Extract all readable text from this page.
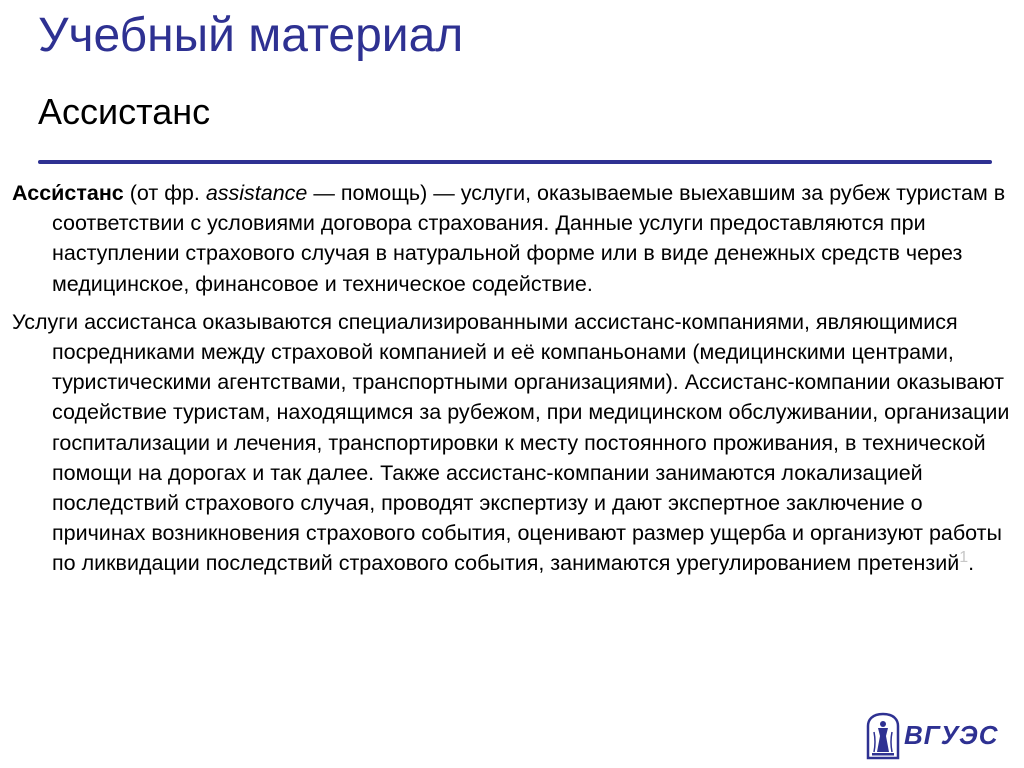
Учебный материал
Ассистанс

Асси́станс (от фр. assistance — помощь) — услуги, оказываемые выехавшим за рубеж туристам в соответствии с условиями договора страхования. Данные услуги предоставляются при наступлении страхового случая в натуральной форме или в виде денежных средств через медицинское, финансовое и техническое содействие.

Услуги ассистанса оказываются специализированными ассистанс-компаниями, являющимися посредниками между страховой компанией и её компаньонами (медицинскими центрами, туристическими агентствами, транспортными организациями). Ассистанс-компании оказывают содействие туристам, находящимся за рубежом, при медицинском обслуживании, организации госпитализации и лечения, транспортировки к месту постоянного проживания, в технической помощи на дорогах и так далее. Также ассистанс-компании занимаются локализацией последствий страхового случая, проводят экспертизу и дают экспертное заключение о причинах возникновения страхового события, оценивают размер ущерба и организуют работы по ликвидации последствий страхового события, занимаются урегулированием претензий$^1$.

ВГУЭС
